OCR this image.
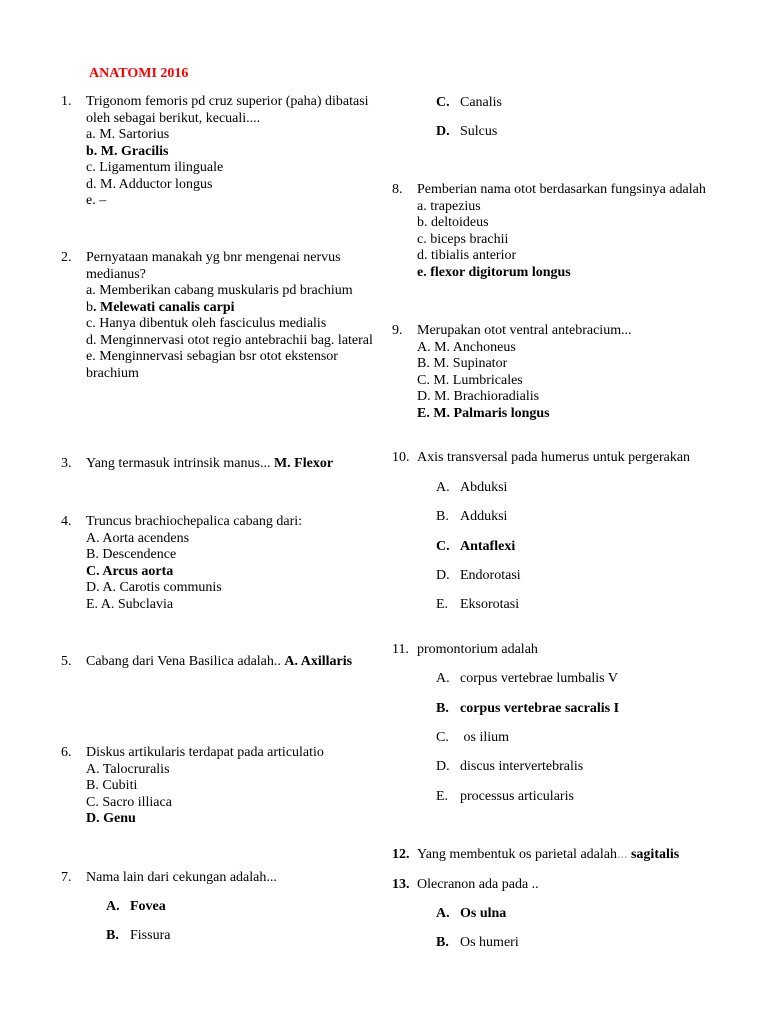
ANATOMI 2016
1. Trigonom femoris pd cruz superior (paha) dibatasi
oleh sebagai berikut, kecuali....
a. M. Sartorius
b. M. Gracilis
c. Ligamentum ilinguale
d. M. Adductor longus
e. –
2. Pernyataan manakah yg bnr mengenai nervus
medianus?
a. Memberikan cabang muskularis pd brachium
b. Melewati canalis carpi
c. Hanya dibentuk oleh fasciculus medialis
d. Menginnervasi otot regio antebrachii bag. lateral
e. Menginnervasi sebagian bsr otot ekstensor
brachium
3. Yang termasuk intrinsik manus... M. Flexor
4. Truncus brachiochepalica cabang dari:
A. Aorta acendens
B. Descendence
C. Arcus aorta
D. A. Carotis communis
E. A. Subclavia
5. Cabang dari Vena Basilica adalah.. A. Axillaris
6. Diskus artikularis terdapat pada articulatio
A. Talocruralis
B. Cubiti
C. Sacro illiaca
D. Genu
7. Nama lain dari cekungan adalah...
A. Fovea
B. Fissura
C. Canalis
D. Sulcus
8. Pemberian nama otot berdasarkan fungsinya adalah
a. trapezius
b. deltoideus
c. biceps brachii
d. tibialis anterior
e. flexor digitorum longus
9. Merupakan otot ventral antebracium...
A. M. Anchoneus
B. M. Supinator
C. M. Lumbricales
D. M. Brachioradialis
E. M. Palmaris longus
10. Axis transversal pada humerus untuk pergerakan
A. Abduksi
B. Adduksi
C. Antaflexi
D. Endorotasi
E. Eksorotasi
11. promontorium adalah
A. corpus vertebrae lumbalis V
B. corpus vertebrae sacralis I
C. os ilium
D. discus intervertebralis
E. processus articularis
12. Yang membentuk os parietal adalah... sagitalis
13. Olecranon ada pada ..
A. Os ulna
B. Os humeri
